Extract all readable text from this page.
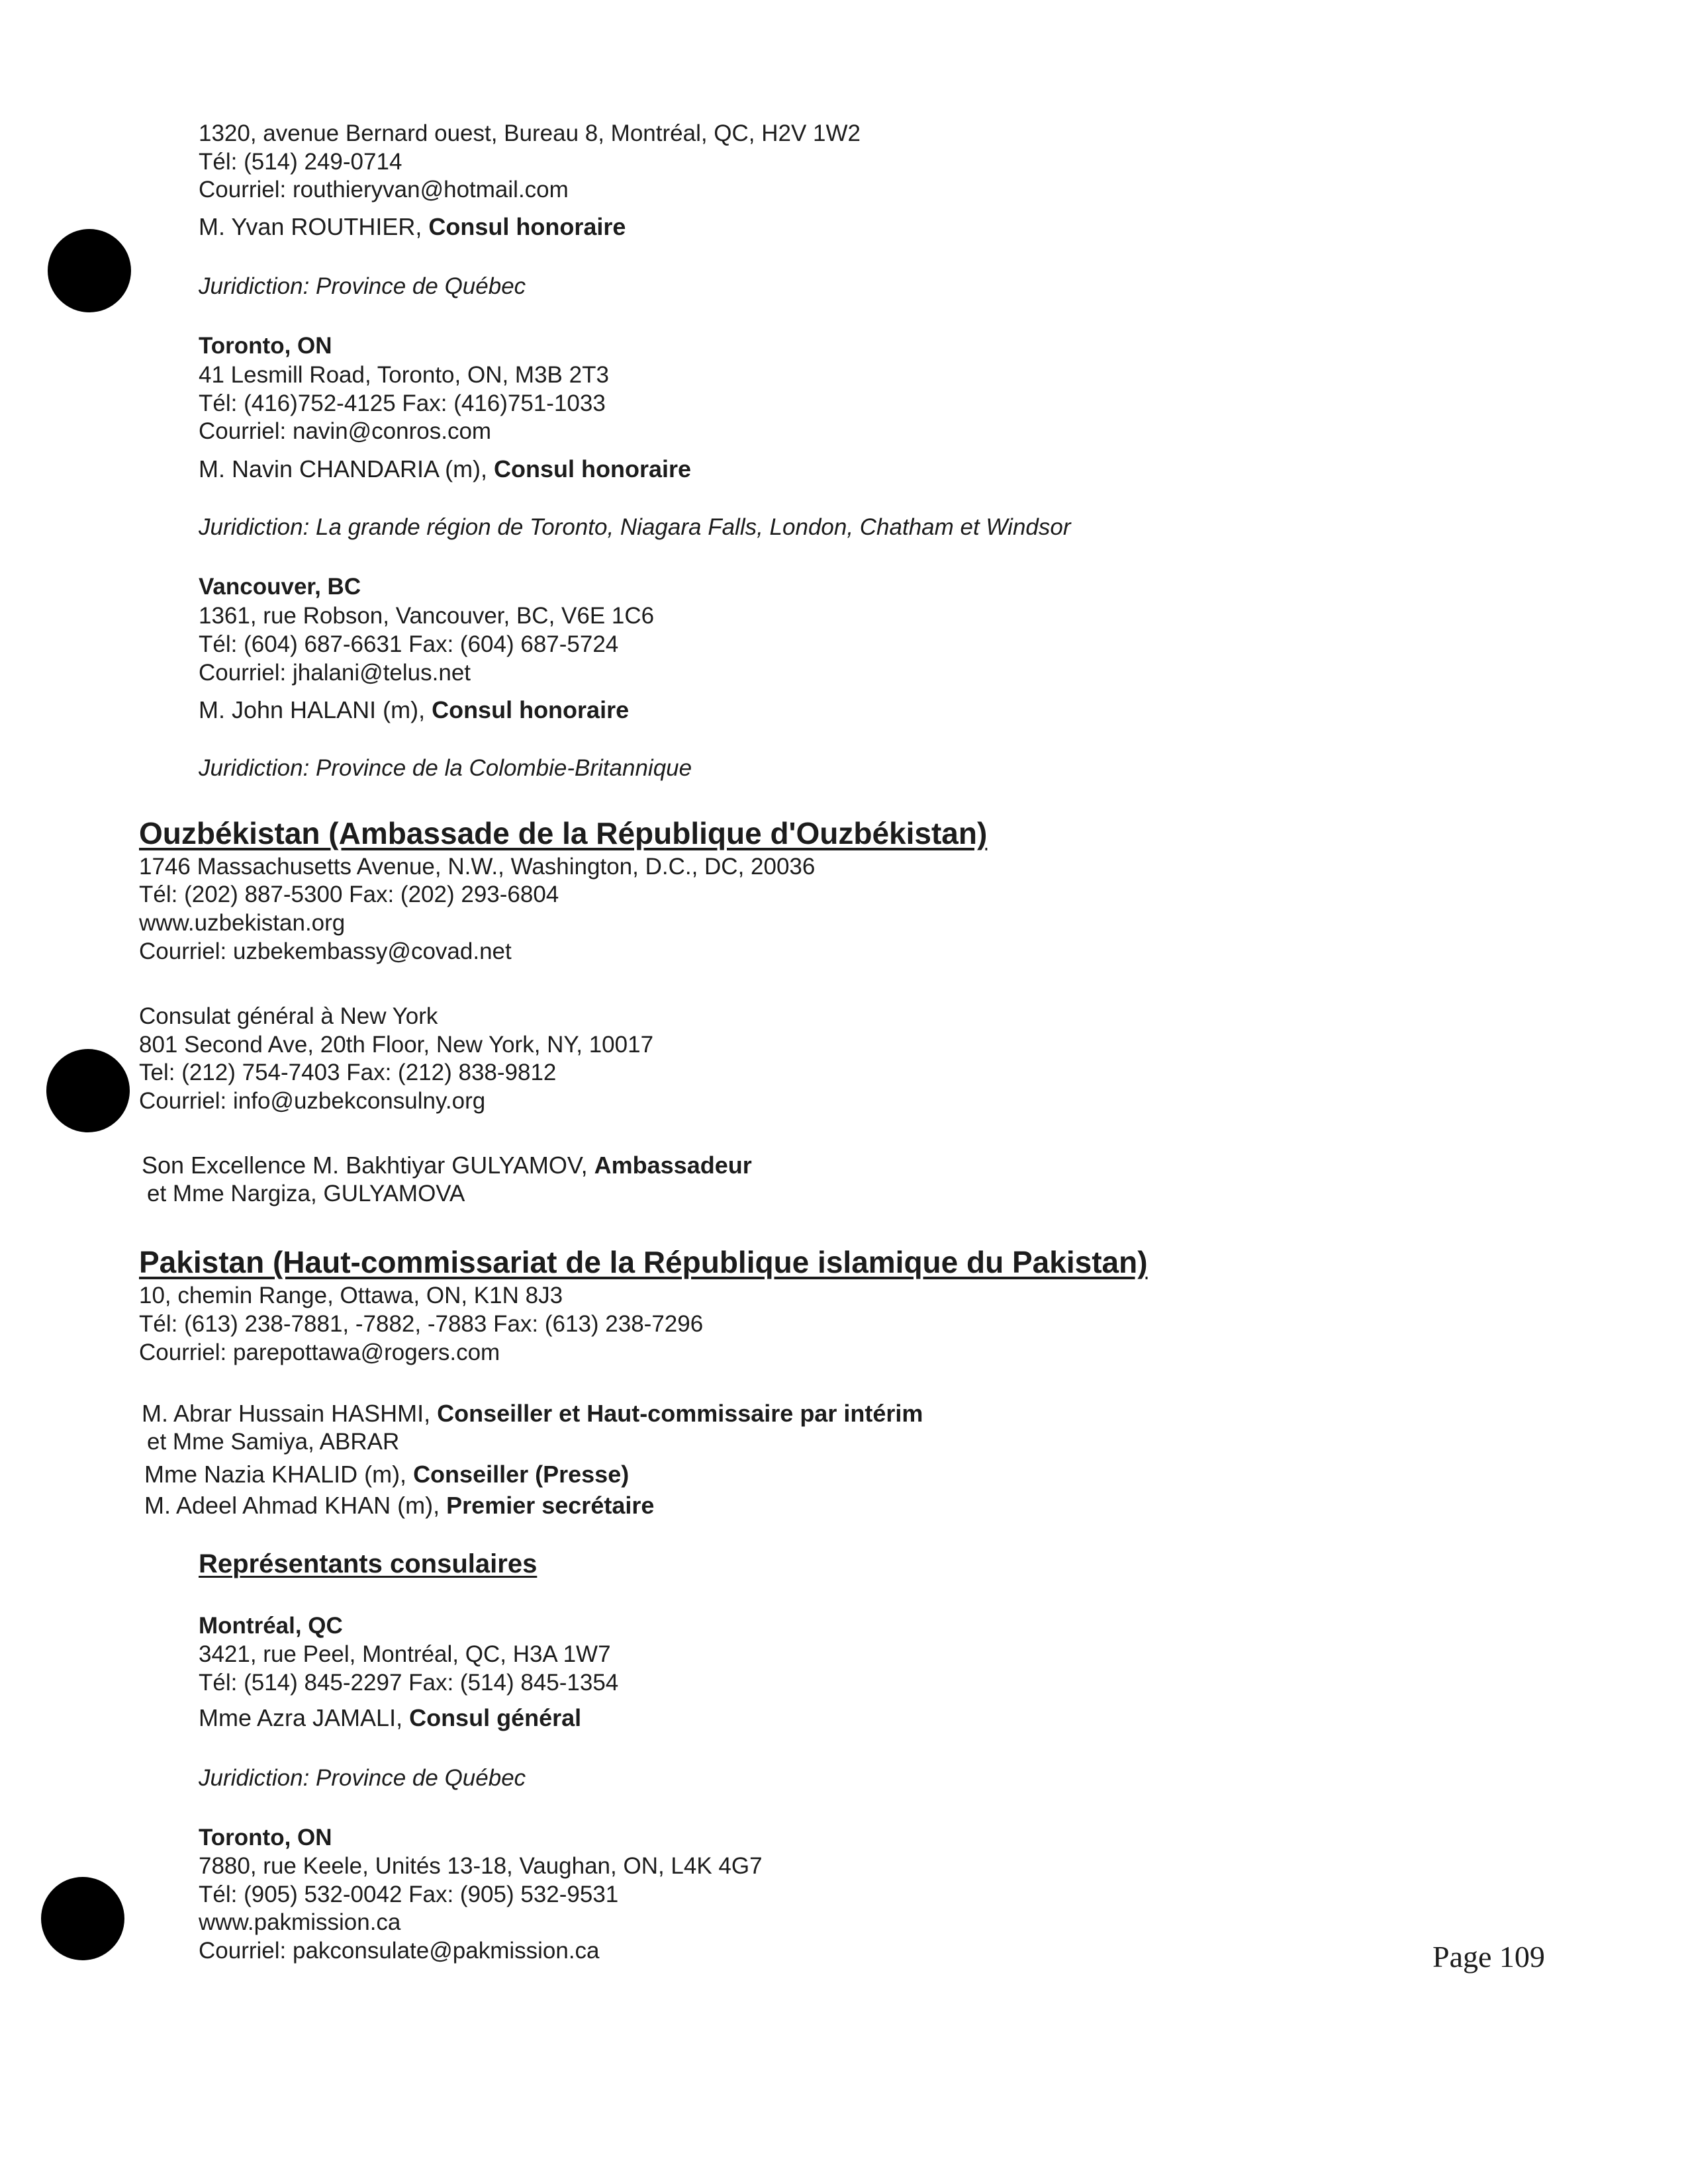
1320, avenue Bernard ouest, Bureau 8, Montréal, QC, H2V 1W2
Tél: (514) 249-0714
Courriel: routhieryvan@hotmail.com
M. Yvan ROUTHIER, Consul honoraire
Juridiction: Province de Québec
Toronto, ON
41 Lesmill Road, Toronto, ON, M3B 2T3
Tél: (416)752-4125 Fax: (416)751-1033
Courriel: navin@conros.com
M. Navin CHANDARIA (m), Consul honoraire
Juridiction: La grande région de Toronto, Niagara Falls, London, Chatham et Windsor
Vancouver, BC
1361, rue Robson, Vancouver, BC, V6E 1C6
Tél: (604) 687-6631 Fax: (604) 687-5724
Courriel: jhalani@telus.net
M. John HALANI (m), Consul honoraire
Juridiction: Province de la Colombie-Britannique
Ouzbékistan (Ambassade de la République d'Ouzbékistan)
1746 Massachusetts Avenue, N.W., Washington, D.C., DC, 20036
Tél: (202) 887-5300 Fax: (202) 293-6804
www.uzbekistan.org
Courriel: uzbekembassy@covad.net
Consulat général à New York
801 Second Ave, 20th Floor, New York, NY, 10017
Tel: (212) 754-7403 Fax: (212) 838-9812
Courriel: info@uzbekconsulny.org
Son Excellence M. Bakhtiyar GULYAMOV, Ambassadeur
et Mme Nargiza, GULYAMOVA
Pakistan (Haut-commissariat de la République islamique du Pakistan)
10, chemin Range, Ottawa, ON, K1N 8J3
Tél: (613) 238-7881, -7882, -7883 Fax: (613) 238-7296
Courriel: parepottawa@rogers.com
M. Abrar Hussain HASHMI, Conseiller et Haut-commissaire par intérim
et Mme Samiya, ABRAR
Mme Nazia KHALID (m), Conseiller (Presse)
M. Adeel Ahmad KHAN (m), Premier secrétaire
Représentants consulaires
Montréal, QC
3421, rue Peel, Montréal, QC, H3A 1W7
Tél: (514) 845-2297 Fax: (514) 845-1354
Mme Azra JAMALI, Consul général
Juridiction: Province de Québec
Toronto, ON
7880, rue Keele, Unités 13-18, Vaughan, ON, L4K 4G7
Tél: (905) 532-0042 Fax: (905) 532-9531
www.pakmission.ca
Courriel: pakconsulate@pakmission.ca	Page 109
